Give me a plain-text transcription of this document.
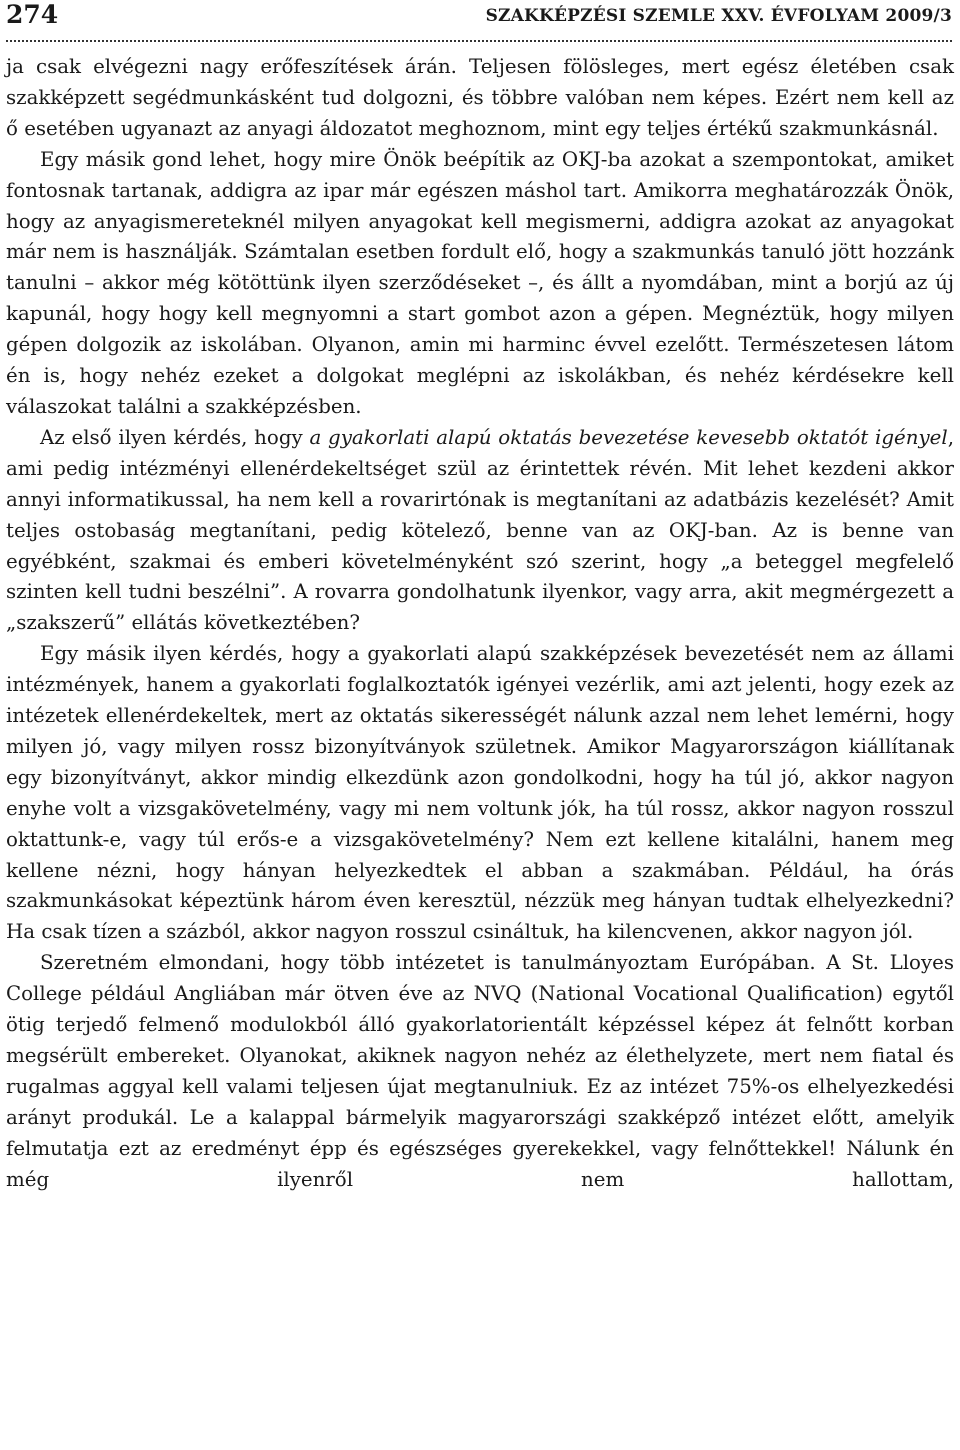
274	SZAKKÉPZÉSI SZEMLE XXV. ÉVFOLYAM 2009/3

ja csak elvégezni nagy erőfeszítések árán. Teljesen fölösleges, mert egész életében csak szakképzett segédmunkásként tud dolgozni, és többre valóban nem képes. Ezért nem kell az ő esetében ugyanazt az anyagi áldozatot meghoznom, mint egy teljes értékű szakmunkásnál.

Egy másik gond lehet, hogy mire Önök beépítik az OKJ-ba azokat a szempontokat, amiket fontosnak tartanak, addigra az ipar már egészen máshol tart. Amikorra meghatározzák Önök, hogy az anyagismereteknél milyen anyagokat kell megismerni, addigra azokat az anyagokat már nem is használják. Számtalan esetben fordult elő, hogy a szakmunkás tanuló jött hozzánk tanulni – akkor még kötöttünk ilyen szerződéseket –, és állt a nyomdában, mint a borjú az új kapunál, hogy hogy kell megnyomni a start gombot azon a gépen. Megnéztük, hogy milyen gépen dolgozik az iskolában. Olyanon, amin mi harminc évvel ezelőtt. Természetesen látom én is, hogy nehéz ezeket a dolgokat meglépni az iskolákban, és nehéz kérdésekre kell válaszokat találni a szakképzésben.

Az első ilyen kérdés, hogy a gyakorlati alapú oktatás bevezetése kevesebb oktatót igényel, ami pedig intézményi ellenérdekeltséget szül az érintettek révén. Mit lehet kezdeni akkor annyi informatikussal, ha nem kell a rovarirtónak is megtanítani az adatbázis kezelését? Amit teljes ostobaság megtanítani, pedig kötelező, benne van az OKJ-ban. Az is benne van egyébként, szakmai és emberi követelményként szó szerint, hogy „a beteggel megfelelő szinten kell tudni beszélni”. A rovarra gondolhatunk ilyenkor, vagy arra, akit megmérgezett a „szakszerű” ellátás következtében?

Egy másik ilyen kérdés, hogy a gyakorlati alapú szakképzések bevezetését nem az állami intézmények, hanem a gyakorlati foglalkoztatók igényei vezérlik, ami azt jelenti, hogy ezek az intézetek ellenérdekeltek, mert az oktatás sikerességét nálunk azzal nem lehet lemérni, hogy milyen jó, vagy milyen rossz bizonyítványok születnek. Amikor Magyarországon kiállítanak egy bizonyítványt, akkor mindig elkezdünk azon gondolkodni, hogy ha túl jó, akkor nagyon enyhe volt a vizsgakövetelmény, vagy mi nem voltunk jók, ha túl rossz, akkor nagyon rosszul oktattunk-e, vagy túl erős-e a vizsgakövetelmény? Nem ezt kellene kitalálni, hanem meg kellene nézni, hogy hányan helyezkedtek el abban a szakmában. Például, ha órás szakmunkásokat képeztünk három éven keresztül, nézzük meg hányan tudtak elhelyezkedni? Ha csak tízen a százból, akkor nagyon rosszul csináltuk, ha kilencvenen, akkor nagyon jól.

Szeretném elmondani, hogy több intézetet is tanulmányoztam Európában. A St. Lloyes College például Angliában már ötven éve az NVQ (National Vocational Qualification) egytől ötig terjedő felmenő modulokból álló gyakorlatorientált képzéssel képez át felnőtt korban megsérült embereket. Olyanokat, akiknek nagyon nehéz az élethelyzete, mert nem fiatal és rugalmas aggyal kell valami teljesen újat megtanulniuk. Ez az intézet 75%-os elhelyezkedési arányt produkál. Le a kalappal bármelyik magyarországi szakképző intézet előtt, amelyik felmutatja ezt az eredményt épp és egészséges gyerekekkel, vagy felnőttekkel! Nálunk én még ilyenről nem hallottam,
